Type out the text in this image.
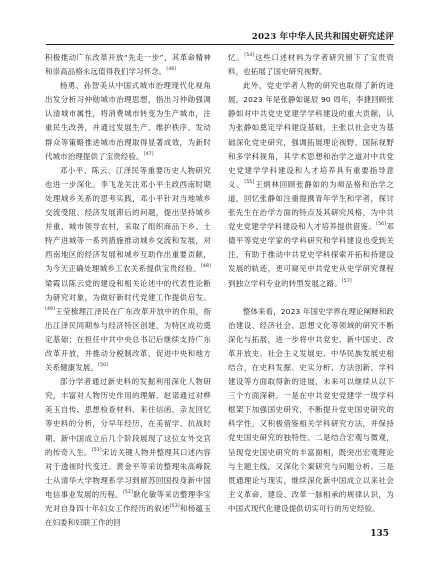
2023 年中华人民共和国史研究述评

积极推动广东改革开放“先走一步”，其革命精神和崇高品格永远值得我们学习怀念。[46]

杨勇、孙智美从中国式城市治理现代化视角出发分析习仲勋城市治理思想，指出习仲勋强调认清城市属性，将消费城市转变为生产城市，注重民生改善，并通过发展生产、维护秩序、发动群众等策略推进城市治理取得显著成效，为新时代城市治理提供了宝贵经验。[47]

邓小平、陈云、江泽民等重要历史人物研究也进一步深化。李飞龙关注邓小平主政西南时期处理城乡关系的思考实践，邓小平针对当地城乡交流受阻、经济发展滞后的问题，提出坚持城乡并重、城市领导农村，采取了组织商品下乡、土特产进城等一系列措施推动城乡交流和发展，对西南地区的经济发展和城乡互助作出重要贡献，为今天正确处理城乡工农关系提供宝贵经验。[48]梁霞以陈云党的建设和相关论述中的代表性论断为研究对象，为做好新时代党建工作提供启发。[49]王莹梳理江泽民在广东改革开放中的作用，指出江泽民同期参与经济特区创建，为特区成功奠定基础；在担任中共中央总书记后继续支持广东改革开放，并推动分税制改革、促进中央和地方关系健康发展。[50]

部分学者通过新史料的发掘利用深化人物研究，丰富对人物历史作用的理解。赵诺通过对桦美玉自传、思想检查材料、来往信函、亲友回忆等史料的分析，分早年经历、在美留学、抗战时期、新中国成立后几个阶段展现了这位女外交官的传奇人生。[51]宋访关键人物并整理其口述内容对于透视时代变迁。黄金平等采访整理朱高峰院士从清华大学物理系学习到留苏回国投身新中国电信事业发展的历程。[52]耿化敏等采访整理李宝光对自身四十年妇女工作经历的叙述[53]和杨蕴玉在妇委和妇联工作的回

忆。[54]这些口述材料为学者研究留下了宝贵资料，也拓展了国史研究视野。

此外，党史学者人物的研究也取得了新的进展。2023 年是张静如诞辰 90 周年，李捷回顾张静如对中共党史党建学学科建设的重大贡献，认为张静如奠定学科建设基础，主张以社会史为基础深化党史研究，强调拓展理论视野，国际视野和多学科视角，其学术思想和治学之道对中共党史党建学学科建设和人才培养具有重要指导意义。[55]王炳林回顾张静如的为师品格和治学之道，回忆张静如注重提携青年学生和学者，探讨张先生在治学方面的特点及其研究风格，为中共党史党建学学科建设和人才培养提供借鉴。[56]邓德平等党史学家的学科研究和学科建设也受到关注，有助于推动中共党史学科探索开拓和持建设发展的轨迹，更可窥见中共党史从史学研究课程到独立学科专业的转型发展之路。[57]

整体来看，2023 年国史学界在理论阐释和政治建设、经济社会、思想文化等领域的研究不断深化与拓展，进一步将中共党史、新中国史、改革开放史、社会主义发展史、中华民族发展史相结合，在史料发掘、史实分析、方法创新、学科建设等方面取得新的进展，未来可以继续从以下三个方面深耕。一是在中共党史党建学一级学科框架下加强国史研究，不断提升党史国史研究的科学性，又积极借鉴相关学科研究方法，并保持党史国史研究的独特性。二是结合宏观与微观，呈现党史国史研究的丰富面相，既突出宏观理论与主题主线，又深化个案研究与问题分析。三是贯通理论与现实，继续深化新中国成立以来社会主义革命、建设、改革一脉相承的规律认识，为中国式现代化建设提供切实可行的历史经验。

135
